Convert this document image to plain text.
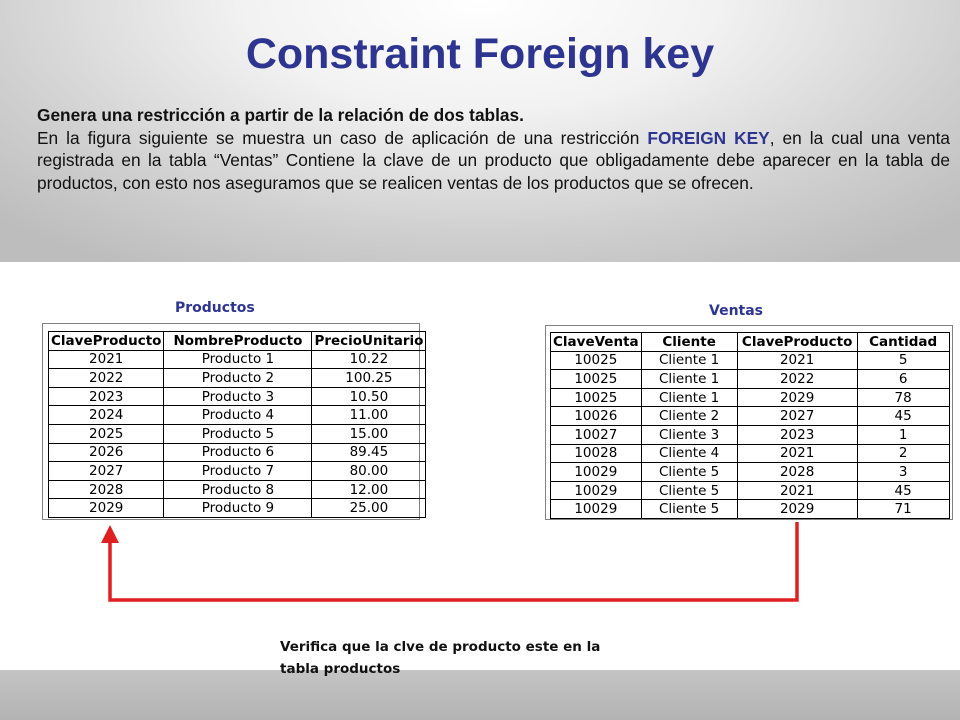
Constraint Foreign key
Genera una restricción a partir de la relación de dos tablas.
En la figura siguiente se muestra un caso de aplicación de una restricción FOREIGN KEY, en la cual una venta registrada en la tabla “Ventas” Contiene la clave de un producto que obligadamente debe aparecer en la tabla de productos, con esto nos aseguramos que se realicen ventas de los productos que se ofrecen.
Productos
ClaveProducto	NombreProducto	PrecioUnitario
2021	Producto 1	10.22
2022	Producto 2	100.25
2023	Producto 3	10.50
2024	Producto 4	11.00
2025	Producto 5	15.00
2026	Producto 6	89.45
2027	Producto 7	80.00
2028	Producto 8	12.00
2029	Producto 9	25.00
Ventas
ClaveVenta	Cliente	ClaveProducto	Cantidad
10025	Cliente 1	2021	5
10025	Cliente 1	2022	6
10025	Cliente 1	2029	78
10026	Cliente 2	2027	45
10027	Cliente 3	2023	1
10028	Cliente 4	2021	2
10029	Cliente 5	2028	3
10029	Cliente 5	2021	45
10029	Cliente 5	2029	71
Verifica que la clve de producto este en la
tabla productos
